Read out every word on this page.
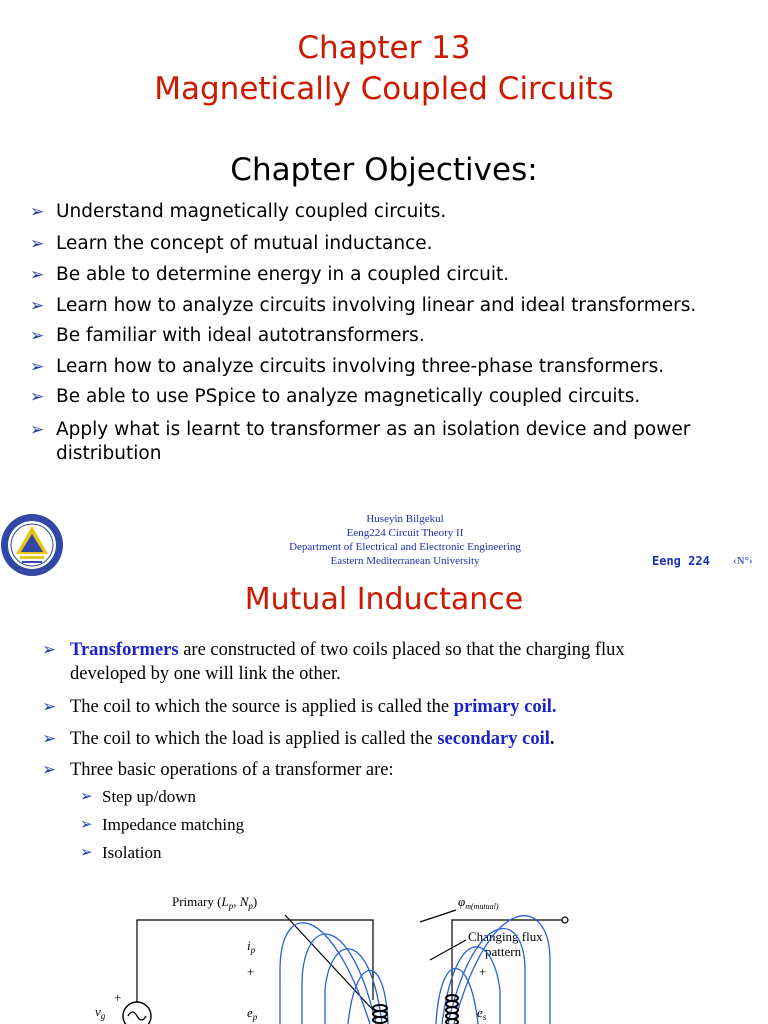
Chapter 13
Magnetically Coupled Circuits
Chapter Objectives:
➢ Understand magnetically coupled circuits.
➢ Learn the concept of mutual inductance.
➢ Be able to determine energy in a coupled circuit.
➢ Learn how to analyze circuits involving linear and ideal transformers.
➢ Be familiar with ideal autotransformers.
➢ Learn how to analyze circuits involving three-phase transformers.
➢ Be able to use PSpice to analyze magnetically coupled circuits.
➢ Apply what is learnt to transformer as an isolation device and power distribution
Huseyin Bilgekul
Eeng224 Circuit Theory II
Department of Electrical and Electronic Engineering
Eastern Mediterranean University	Eeng 224 ‹N°›
Mutual Inductance
➢ Transformers are constructed of two coils placed so that the charging flux developed by one will link the other.
➢ The coil to which the source is applied is called the primary coil.
➢ The coil to which the load is applied is called the secondary coil.
➢ Three basic operations of a transformer are:
➢ Step up/down
➢ Impedance matching
➢ Isolation
Primary ($L_p$, $N_p$)	$\varphi_{m(mutual)}$
Changing flux
pattern
$i_p$
+
$e_p$
+
$e_s$
$v_g$
+
